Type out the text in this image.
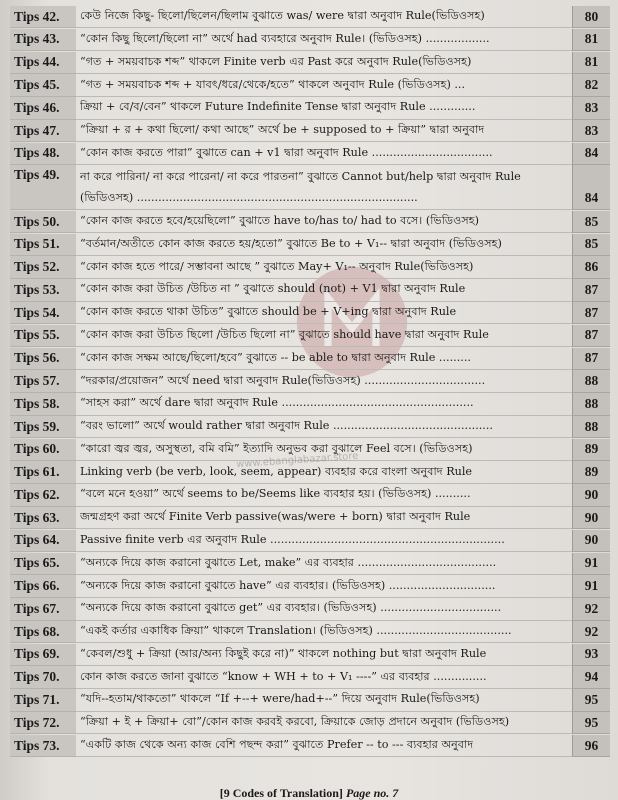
Tips 42.	কেউ নিজে কিছু- ছিলো/ছিলেন/ছিলাম বুঝাতে was/ were দ্বারা অনুবাদ Rule(ভিডিওসহ)	80
Tips 43.	“কোন কিছু ছিলো/ছিলো না” অর্থে had ব্যবহারে অনুবাদ Rule। (ভিডিওসহ) ..................	81
Tips 44.	“গত + সময়বাচক শব্দ” থাকলে Finite verb এর Past করে অনুবাদ Rule(ভিডিওসহ)	81
Tips 45.	“গত + সময়বাচক শব্দ + যাবৎ/ধরে/থেকে/হতে” থাকলে অনুবাদ Rule (ভিডিওসহ) ...	82
Tips 46.	ক্রিয়া + বে/ব/বেন” থাকলে Future Indefinite Tense দ্বারা অনুবাদ Rule .............	83
Tips 47.	“ক্রিয়া + র + কথা ছিলো/ কথা আছে” অর্থে be + supposed to + ক্রিয়া” দ্বারা অনুবাদ	83
Tips 48.	“কোন কাজ করতে পারা” বুঝাতে can + v1 দ্বারা অনুবাদ Rule ..................................	84
Tips 49.	না করে পারিনা/ না করে পারেনা/ না করে পারতনা” বুঝাতে Cannot but/help দ্বারা অনুবাদ Rule (ভিডিওসহ) ...............................................................................	84
Tips 50.	“কোন কাজ করতে হবে/হয়েছিলো” বুঝাতে have to/has to/ had to বসে। (ভিডিওসহ)	85
Tips 51.	“বর্তমান/অতীতে কোন কাজ করতে হয়/হতো” বুঝাতে Be to + V₁-- দ্বারা অনুবাদ (ভিডিওসহ)	85
Tips 52.	“কোন কাজ হতে পারে/ সম্ভাবনা আছে ” বুঝাতে May+ V₁-- অনুবাদ Rule(ভিডিওসহ)	86
Tips 53.	“কোন কাজ করা উচিত /উচিত না ” বুঝাতে should (not) + V1 দ্বারা অনুবাদ Rule	87
Tips 54.	“কোন কাজ করতে থাকা উচিত” বুঝাতে should be + V+ing দ্বারা অনুবাদ Rule	87
Tips 55.	“কোন কাজ করা উচিত ছিলো /উচিত ছিলো না” বুঝাতে should have দ্বারা অনুবাদ Rule	87
Tips 56.	“কোন কাজ সক্ষম আছে/ছিলো/হবে” বুঝাতে -- be able to দ্বারা অনুবাদ Rule .........	87
Tips 57.	“দরকার/প্রয়োজন” অর্থে need দ্বারা অনুবাদ Rule(ভিডিওসহ) ..................................	88
Tips 58.	“সাহস করা” অর্থে dare দ্বারা অনুবাদ Rule ......................................................	88
Tips 59.	“বরং ভালো” অর্থে would rather দ্বারা অনুবাদ Rule .............................................	88
Tips 60.	“কারো জ্বর জ্বর, অসুস্থতা, বমি বমি” ইত্যাদি অনুভব করা বুঝালে Feel বসে। (ভিডিওসহ)	89
Tips 61.	Linking verb (be verb, look, seem, appear) ব্যবহার করে বাংলা অনুবাদ Rule	89
Tips 62.	“বলে মনে হওয়া” অর্থে seems to be/Seems like ব্যবহার হয়। (ভিডিওসহ) ..........	90
Tips 63.	জন্মগ্রহণ করা অর্থে Finite Verb passive(was/were + born) দ্বারা অনুবাদ Rule	90
Tips 64.	Passive finite verb এর অনুবাদ Rule ..................................................................	90
Tips 65.	“অন্যকে দিয়ে কাজ করানো বুঝাতে Let, make” এর ব্যবহার .......................................	91
Tips 66.	“অন্যকে দিয়ে কাজ করানো বুঝাতে have” এর ব্যবহার। (ভিডিওসহ) ..............................	91
Tips 67.	“অন্যকে দিয়ে কাজ করানো বুঝাতে get” এর ব্যবহার। (ভিডিওসহ) ..................................	92
Tips 68.	“একই কর্তার একাধিক ক্রিয়া” থাকলে Translation। (ভিডিওসহ) ......................................	92
Tips 69.	“কেবল/শুধু + ক্রিয়া (আর/অন্য কিছুই করে না)” থাকলে nothing but দ্বারা অনুবাদ Rule	93
Tips 70.	কোন কাজ করতে জানা বুঝাতে “know + WH + to + V₁ ----” এর ব্যবহার ...............	94
Tips 71.	“যদি--হতাম/থাকতো” থাকলে “If +--+ were/had+--” দিয়ে অনুবাদ Rule(ভিডিওসহ)	95
Tips 72.	“ক্রিয়া + ই + ক্রিয়া+ বো”/কোন কাজ করবই করবো, ক্রিয়াকে জোড় প্রদানে অনুবাদ (ভিডিওসহ)	95
Tips 73.	“একটি কাজ থেকে অন্য কাজ বেশি পছন্দ করা” বুঝাতে Prefer -- to --- ব্যবহার অনুবাদ	96
www.ebanglabazar.store
[9 Codes of Translation] Page no. 7
